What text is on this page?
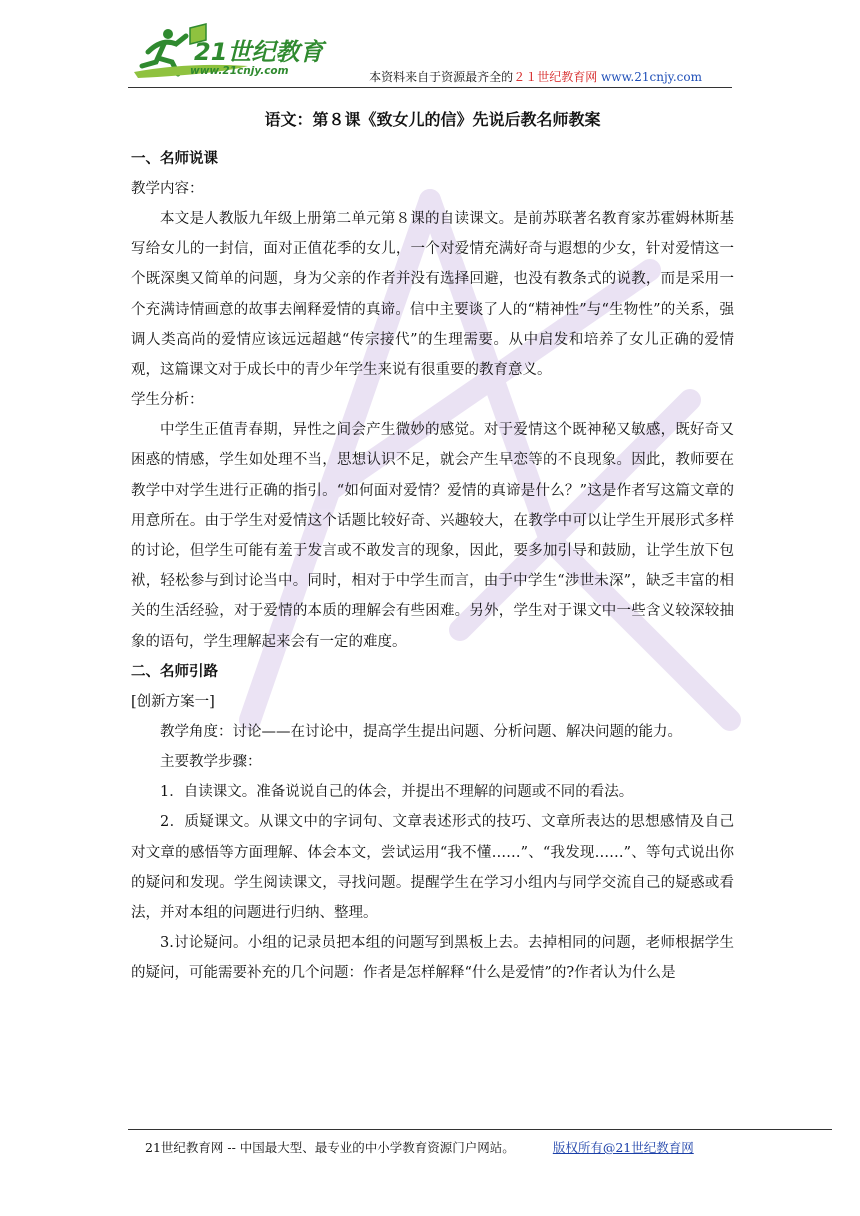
21世纪教育
www.21cnjy.com	本资料来自于资源最齐全的２１世纪教育网 www.21cnjy.com
语文：第８课《致女儿的信》先说后教名师教案
一、名师说课
教学内容：
本文是人教版九年级上册第二单元第８课的自读课文。是前苏联著名教育家苏霍姆林斯基写给女儿的一封信，面对正值花季的女儿，一个对爱情充满好奇与遐想的少女，针对爱情这一个既深奥又简单的问题，身为父亲的作者并没有选择回避，也没有教条式的说教，而是采用一个充满诗情画意的故事去阐释爱情的真谛。信中主要谈了人的“精神性”与“生物性”的关系，强调人类高尚的爱情应该远远超越“传宗接代”的生理需要。从中启发和培养了女儿正确的爱情观，这篇课文对于成长中的青少年学生来说有很重要的教育意义。
学生分析：
中学生正值青春期，异性之间会产生微妙的感觉。对于爱情这个既神秘又敏感，既好奇又困惑的情感，学生如处理不当，思想认识不足，就会产生早恋等的不良现象。因此，教师要在教学中对学生进行正确的指引。“如何面对爱情？爱情的真谛是什么？”这是作者写这篇文章的用意所在。由于学生对爱情这个话题比较好奇、兴趣较大，在教学中可以让学生开展形式多样的讨论，但学生可能有羞于发言或不敢发言的现象，因此，要多加引导和鼓励，让学生放下包袱，轻松参与到讨论当中。同时，相对于中学生而言，由于中学生“涉世未深”，缺乏丰富的相关的生活经验，对于爱情的本质的理解会有些困难。另外，学生对于课文中一些含义较深较抽象的语句，学生理解起来会有一定的难度。
二、名师引路
[创新方案一]
教学角度：讨论——在讨论中，提高学生提出问题、分析问题、解决问题的能力。
主要教学步骤：
1．自读课文。准备说说自己的体会，并提出不理解的问题或不同的看法。
2．质疑课文。从课文中的字词句、文章表述形式的技巧、文章所表达的思想感情及自己对文章的感悟等方面理解、体会本文，尝试运用“我不懂……”、“我发现……”、等句式说出你的疑问和发现。学生阅读课文，寻找问题。提醒学生在学习小组内与同学交流自己的疑惑或看法，并对本组的问题进行归纳、整理。
3.讨论疑问。小组的记录员把本组的问题写到黑板上去。去掉相同的问题，老师根据学生的疑问，可能需要补充的几个问题：作者是怎样解释“什么是爱情”的?作者认为什么是
21世纪教育网 -- 中国最大型、最专业的中小学教育资源门户网站。	版权所有@21世纪教育网
